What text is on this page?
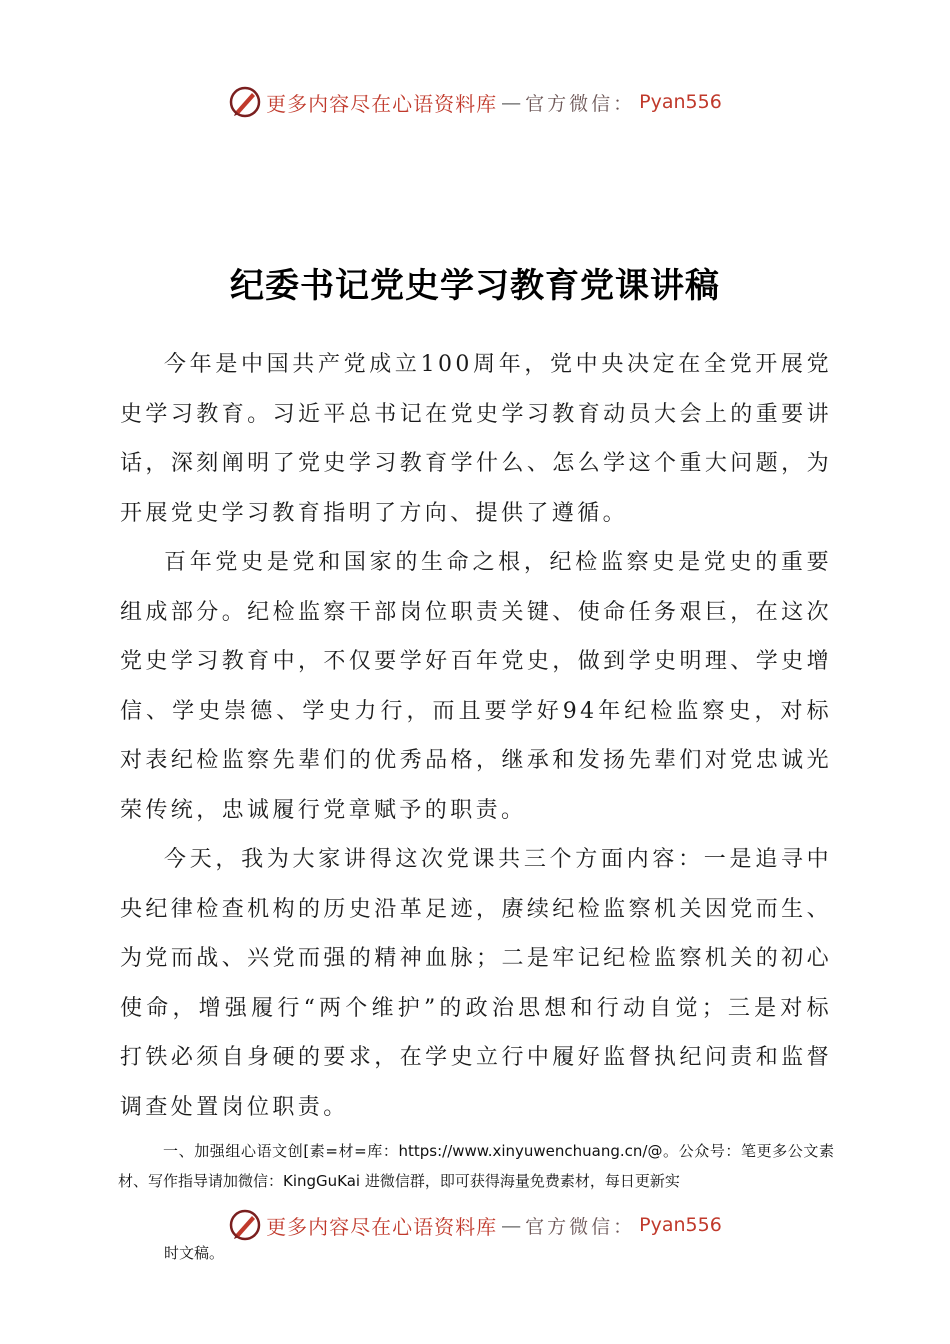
更多内容尽在心语资料库 — 官方微信： Pyan556
纪委书记党史学习教育党课讲稿

今年是中国共产党成立100周年，党中央决定在全党开展党史学习教育。习近平总书记在党史学习教育动员大会上的重要讲话，深刻阐明了党史学习教育学什么、怎么学这个重大问题，为开展党史学习教育指明了方向、提供了遵循。

百年党史是党和国家的生命之根，纪检监察史是党史的重要组成部分。纪检监察干部岗位职责关键、使命任务艰巨，在这次党史学习教育中，不仅要学好百年党史，做到学史明理、学史增信、学史崇德、学史力行，而且要学好94年纪检监察史，对标对表纪检监察先辈们的优秀品格，继承和发扬先辈们对党忠诚光荣传统，忠诚履行党章赋予的职责。

今天，我为大家讲得这次党课共三个方面内容：一是追寻中央纪律检查机构的历史沿革足迹，赓续纪检监察机关因党而生、为党而战、兴党而强的精神血脉；二是牢记纪检监察机关的初心使命，增强履行“两个维护”的政治思想和行动自觉；三是对标打铁必须自身硬的要求，在学史立行中履好监督执纪问责和监督调查处置岗位职责。

一、加强组心语文创[素=材=库：https://www.xinyuwenchuang.cn/@。公众号：笔更多公文素材、写作指导请加微信：KingGuKai 进微信群，即可获得海量免费素材，每日更新实
更多内容尽在心语资料库 — 官方微信： Pyan556
时文稿。
